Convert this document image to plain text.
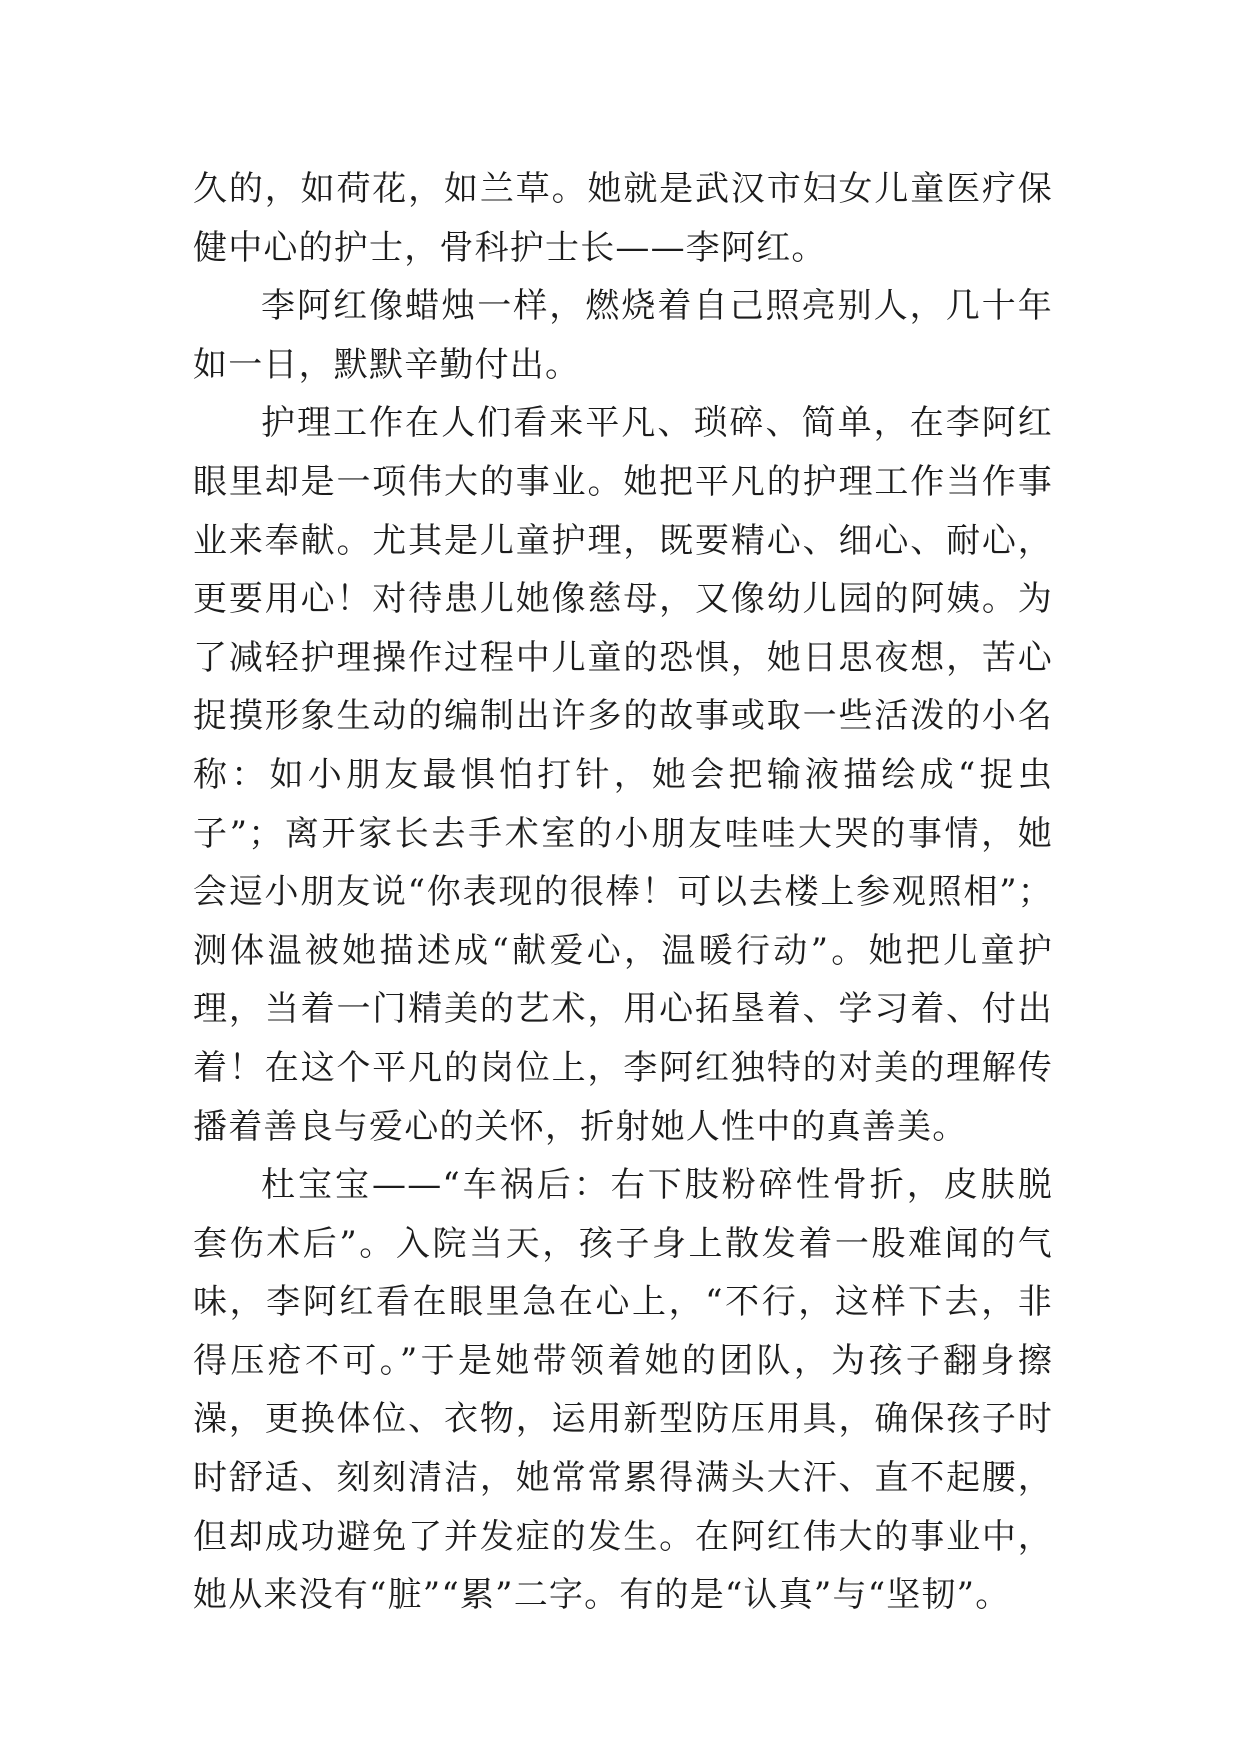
久的，如荷花，如兰草。她就是武汉市妇女儿童医疗保健中心的护士，骨科护士长——李阿红。

李阿红像蜡烛一样，燃烧着自己照亮别人，几十年如一日，默默辛勤付出。

护理工作在人们看来平凡、琐碎、简单，在李阿红眼里却是一项伟大的事业。她把平凡的护理工作当作事业来奉献。尤其是儿童护理，既要精心、细心、耐心，更要用心！对待患儿她像慈母，又像幼儿园的阿姨。为了减轻护理操作过程中儿童的恐惧，她日思夜想，苦心捉摸形象生动的编制出许多的故事或取一些活泼的小名称：如小朋友最惧怕打针，她会把输液描绘成“捉虫子”；离开家长去手术室的小朋友哇哇大哭的事情，她会逗小朋友说“你表现的很棒！可以去楼上参观照相”；测体温被她描述成“献爱心，温暖行动”。她把儿童护理，当着一门精美的艺术，用心拓垦着、学习着、付出着！在这个平凡的岗位上，李阿红独特的对美的理解传播着善良与爱心的关怀，折射她人性中的真善美。

杜宝宝——“车祸后：右下肢粉碎性骨折，皮肤脱套伤术后”。入院当天，孩子身上散发着一股难闻的气味，李阿红看在眼里急在心上，“不行，这样下去，非得压疮不可。”于是她带领着她的团队，为孩子翻身擦澡，更换体位、衣物，运用新型防压用具，确保孩子时时舒适、刻刻清洁，她常常累得满头大汗、直不起腰，但却成功避免了并发症的发生。在阿红伟大的事业中，她从来没有“脏”“累”二字。有的是“认真”与“坚韧”。
